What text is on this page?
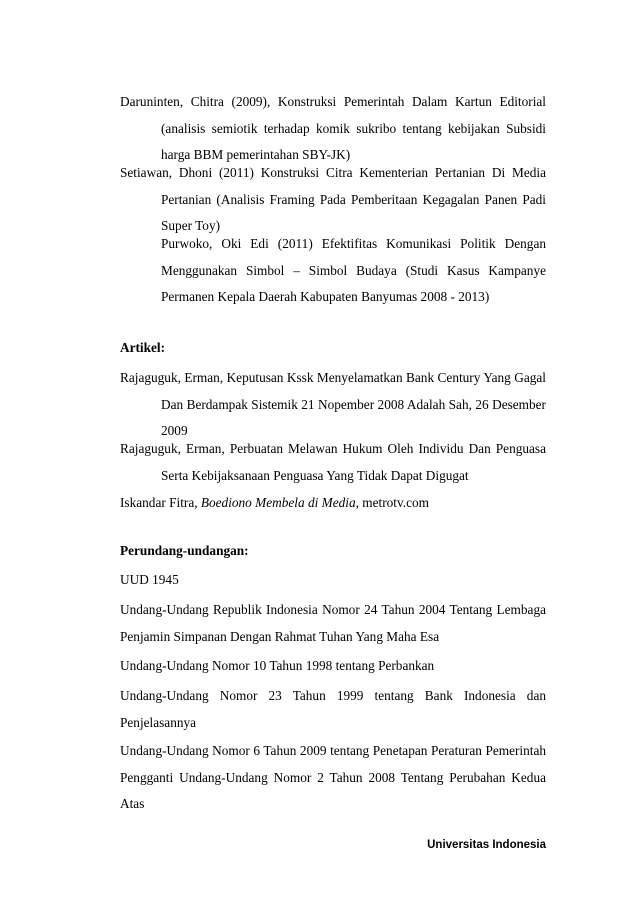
Daruninten, Chitra (2009), Konstruksi Pemerintah Dalam Kartun Editorial (analisis semiotik terhadap komik sukribo tentang kebijakan Subsidi harga BBM pemerintahan SBY-JK)
Setiawan, Dhoni (2011) Konstruksi Citra Kementerian Pertanian Di Media Pertanian (Analisis Framing Pada Pemberitaan Kegagalan Panen Padi Super Toy)
Purwoko, Oki Edi (2011) Efektifitas Komunikasi Politik Dengan Menggunakan Simbol – Simbol Budaya (Studi Kasus Kampanye Permanen Kepala Daerah Kabupaten Banyumas 2008 - 2013)
Artikel:
Rajaguguk, Erman, Keputusan Kssk Menyelamatkan Bank Century Yang Gagal Dan Berdampak Sistemik 21 Nopember 2008 Adalah Sah, 26 Desember 2009
Rajaguguk, Erman, Perbuatan Melawan Hukum Oleh Individu Dan Penguasa Serta Kebijaksanaan Penguasa Yang Tidak Dapat Digugat
Iskandar Fitra, Boediono Membela di Media, metrotv.com
Perundang-undangan:
UUD 1945
Undang-Undang Republik Indonesia Nomor 24 Tahun 2004 Tentang Lembaga Penjamin Simpanan Dengan Rahmat Tuhan Yang Maha Esa
Undang-Undang Nomor 10 Tahun 1998 tentang Perbankan
Undang-Undang Nomor 23 Tahun 1999 tentang Bank Indonesia dan Penjelasannya
Undang-Undang Nomor 6 Tahun 2009 tentang Penetapan Peraturan Pemerintah Pengganti Undang-Undang Nomor 2 Tahun 2008 Tentang Perubahan Kedua Atas
Universitas Indonesia
